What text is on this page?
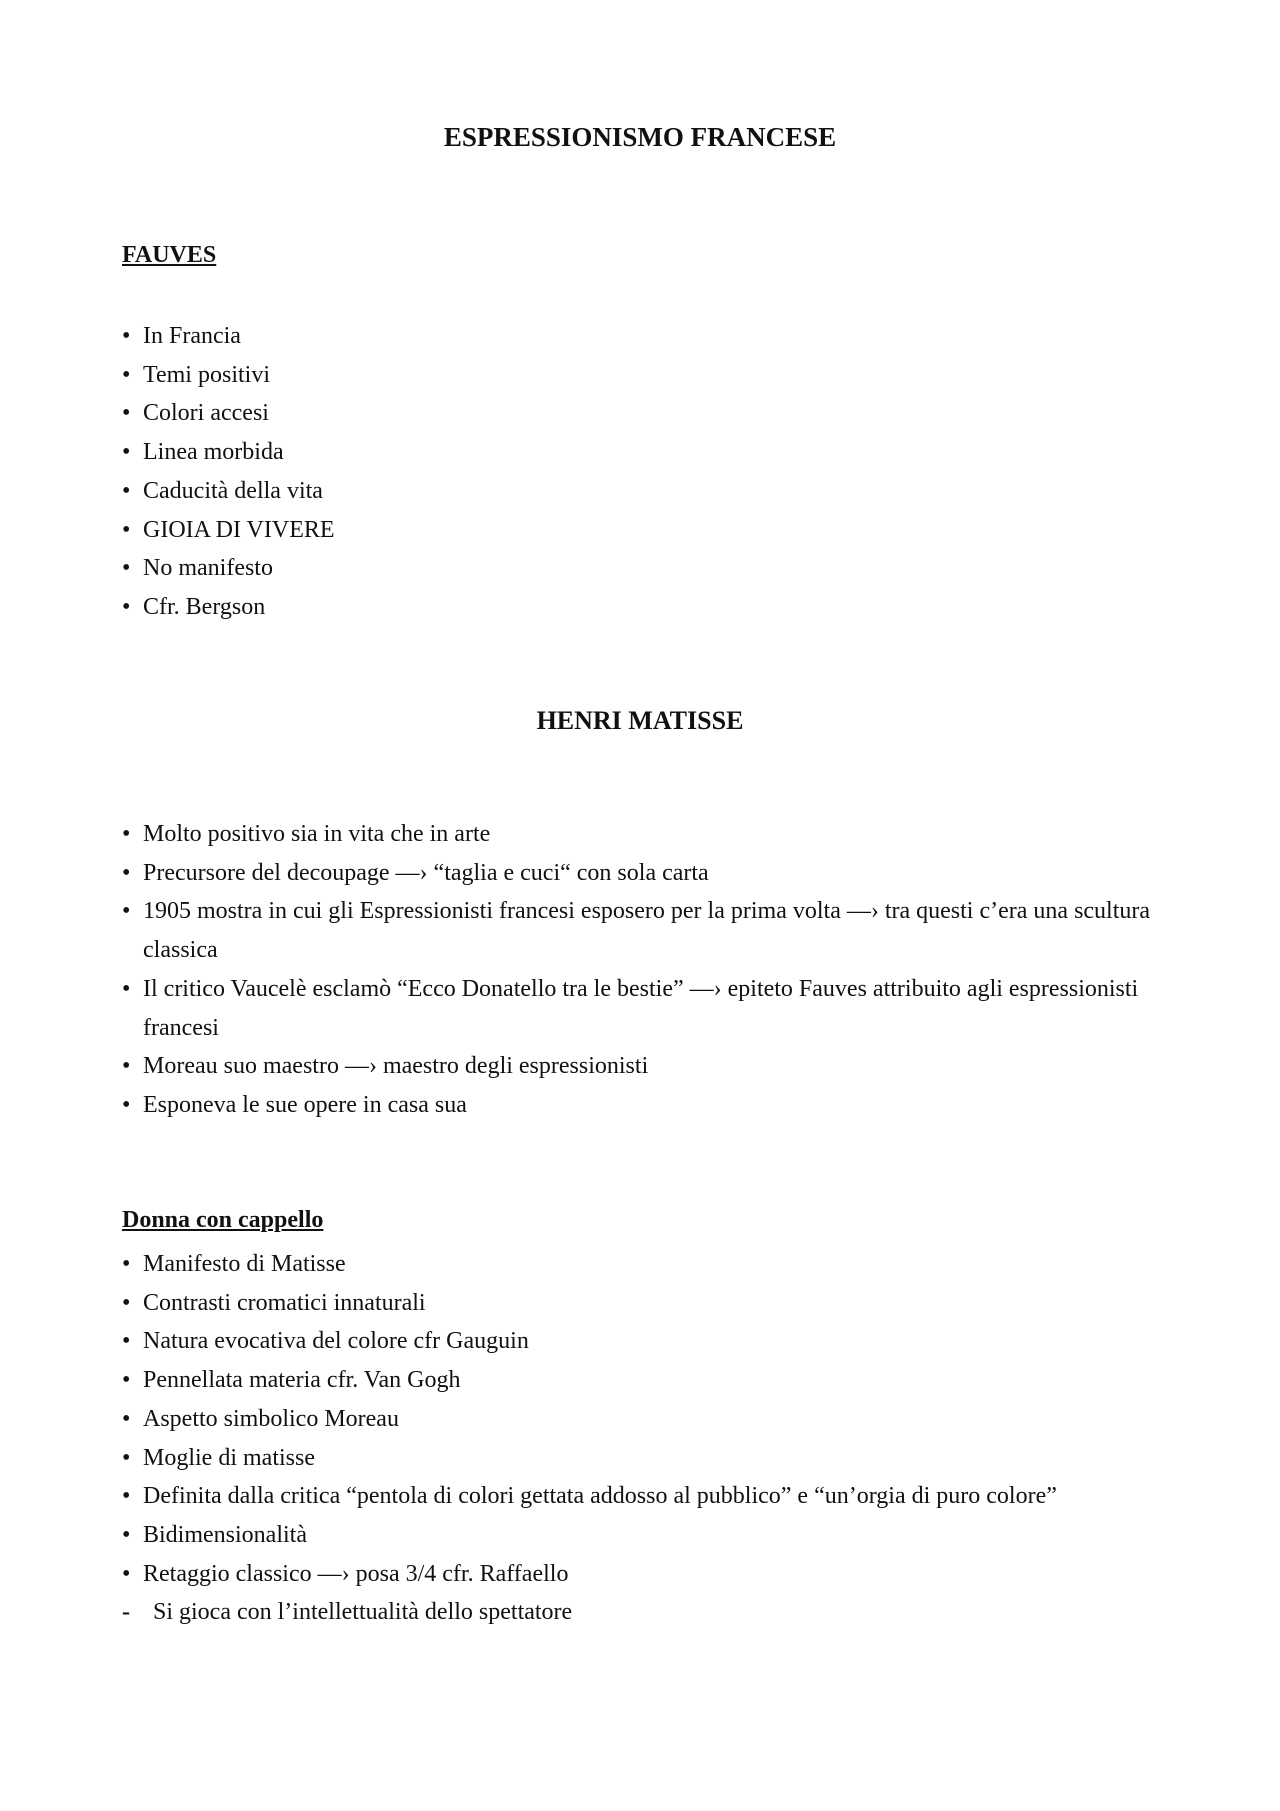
ESPRESSIONISMO FRANCESE
FAUVES
• In Francia
• Temi positivi
• Colori accesi
• Linea morbida
• Caducità della vita
• GIOIA DI VIVERE
• No manifesto
• Cfr. Bergson
HENRI MATISSE
• Molto positivo sia in vita che in arte
• Precursore del decoupage —› “taglia e cuci“ con sola carta
• 1905 mostra in cui gli Espressionisti francesi esposero per la prima volta —› tra questi c’era una scultura classica
• Il critico Vaucelè esclamò “Ecco Donatello tra le bestie” —› epiteto Fauves attribuito agli espressionisti francesi
• Moreau suo maestro —› maestro degli espressionisti
• Esponeva le sue opere in casa sua
Donna con cappello
• Manifesto di Matisse
• Contrasti cromatici innaturali
• Natura evocativa del colore cfr Gauguin
• Pennellata materia cfr. Van Gogh
• Aspetto simbolico Moreau
• Moglie di matisse
• Definita dalla critica “pentola di colori gettata addosso al pubblico” e “un’orgia di puro colore”
• Bidimensionalità
• Retaggio classico —› posa 3/4 cfr. Raffaello
- Si gioca con l’intellettualità dello spettatore
